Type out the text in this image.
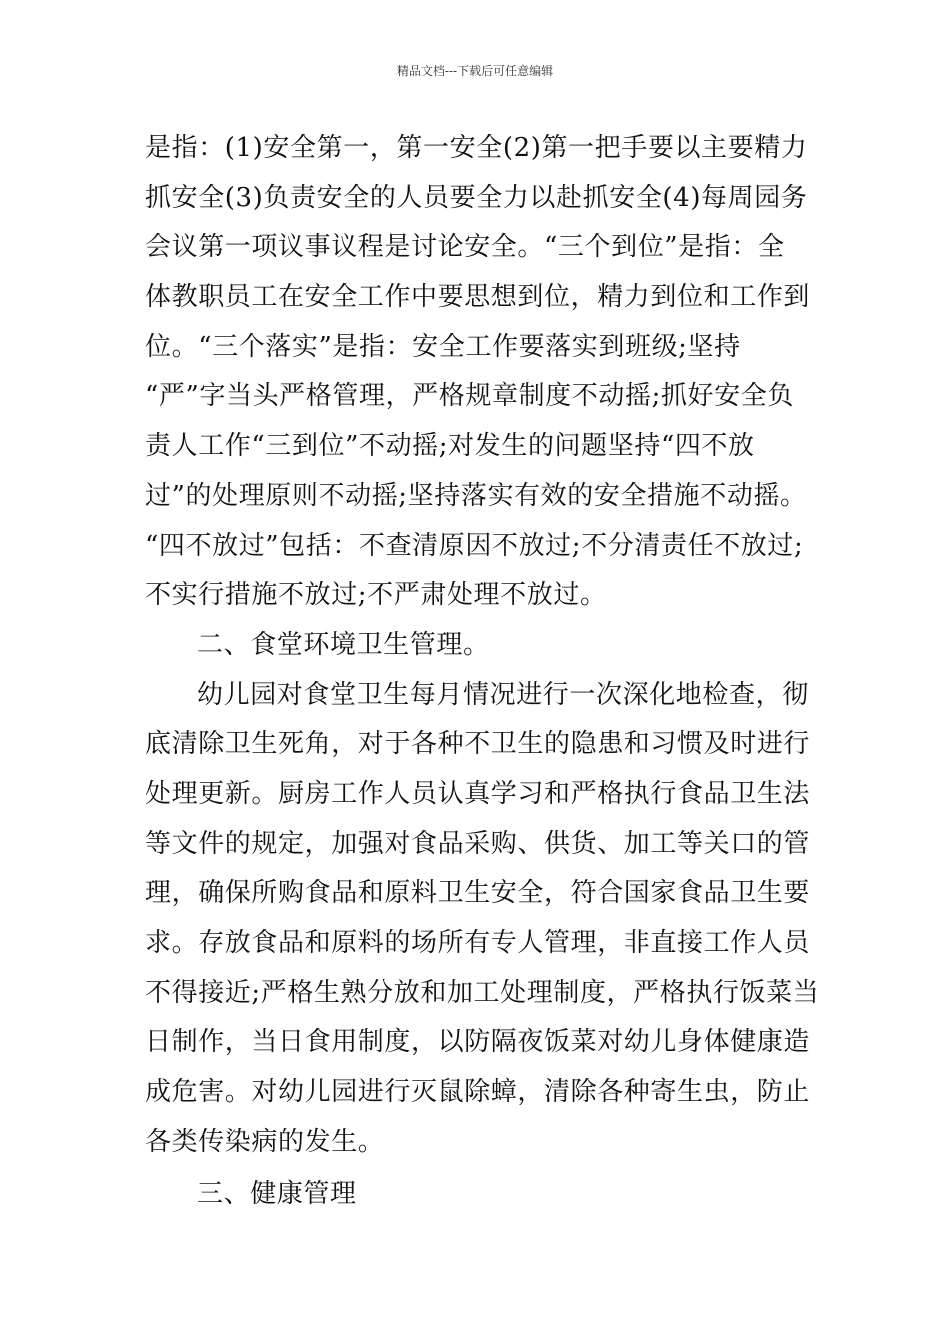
精品文档---下载后可任意编辑
是指：(1)安全第一，第一安全(2)第一把手要以主要精力
抓安全(3)负责安全的人员要全力以赴抓安全(4)每周园务
会议第一项议事议程是讨论安全。“三个到位”是指：全
体教职员工在安全工作中要思想到位，精力到位和工作到
位。“三个落实”是指：安全工作要落实到班级;坚持
“严”字当头严格管理，严格规章制度不动摇;抓好安全负
责人工作“三到位”不动摇;对发生的问题坚持“四不放
过”的处理原则不动摇;坚持落实有效的安全措施不动摇。
“四不放过”包括：不查清原因不放过;不分清责任不放过;
不实行措施不放过;不严肃处理不放过。
二、食堂环境卫生管理。
幼儿园对食堂卫生每月情况进行一次深化地检查，彻
底清除卫生死角，对于各种不卫生的隐患和习惯及时进行
处理更新。厨房工作人员认真学习和严格执行食品卫生法
等文件的规定，加强对食品采购、供货、加工等关口的管
理，确保所购食品和原料卫生安全，符合国家食品卫生要
求。存放食品和原料的场所有专人管理，非直接工作人员
不得接近;严格生熟分放和加工处理制度，严格执行饭菜当
日制作，当日食用制度，以防隔夜饭菜对幼儿身体健康造
成危害。对幼儿园进行灭鼠除蟑，清除各种寄生虫，防止
各类传染病的发生。
三、健康管理
